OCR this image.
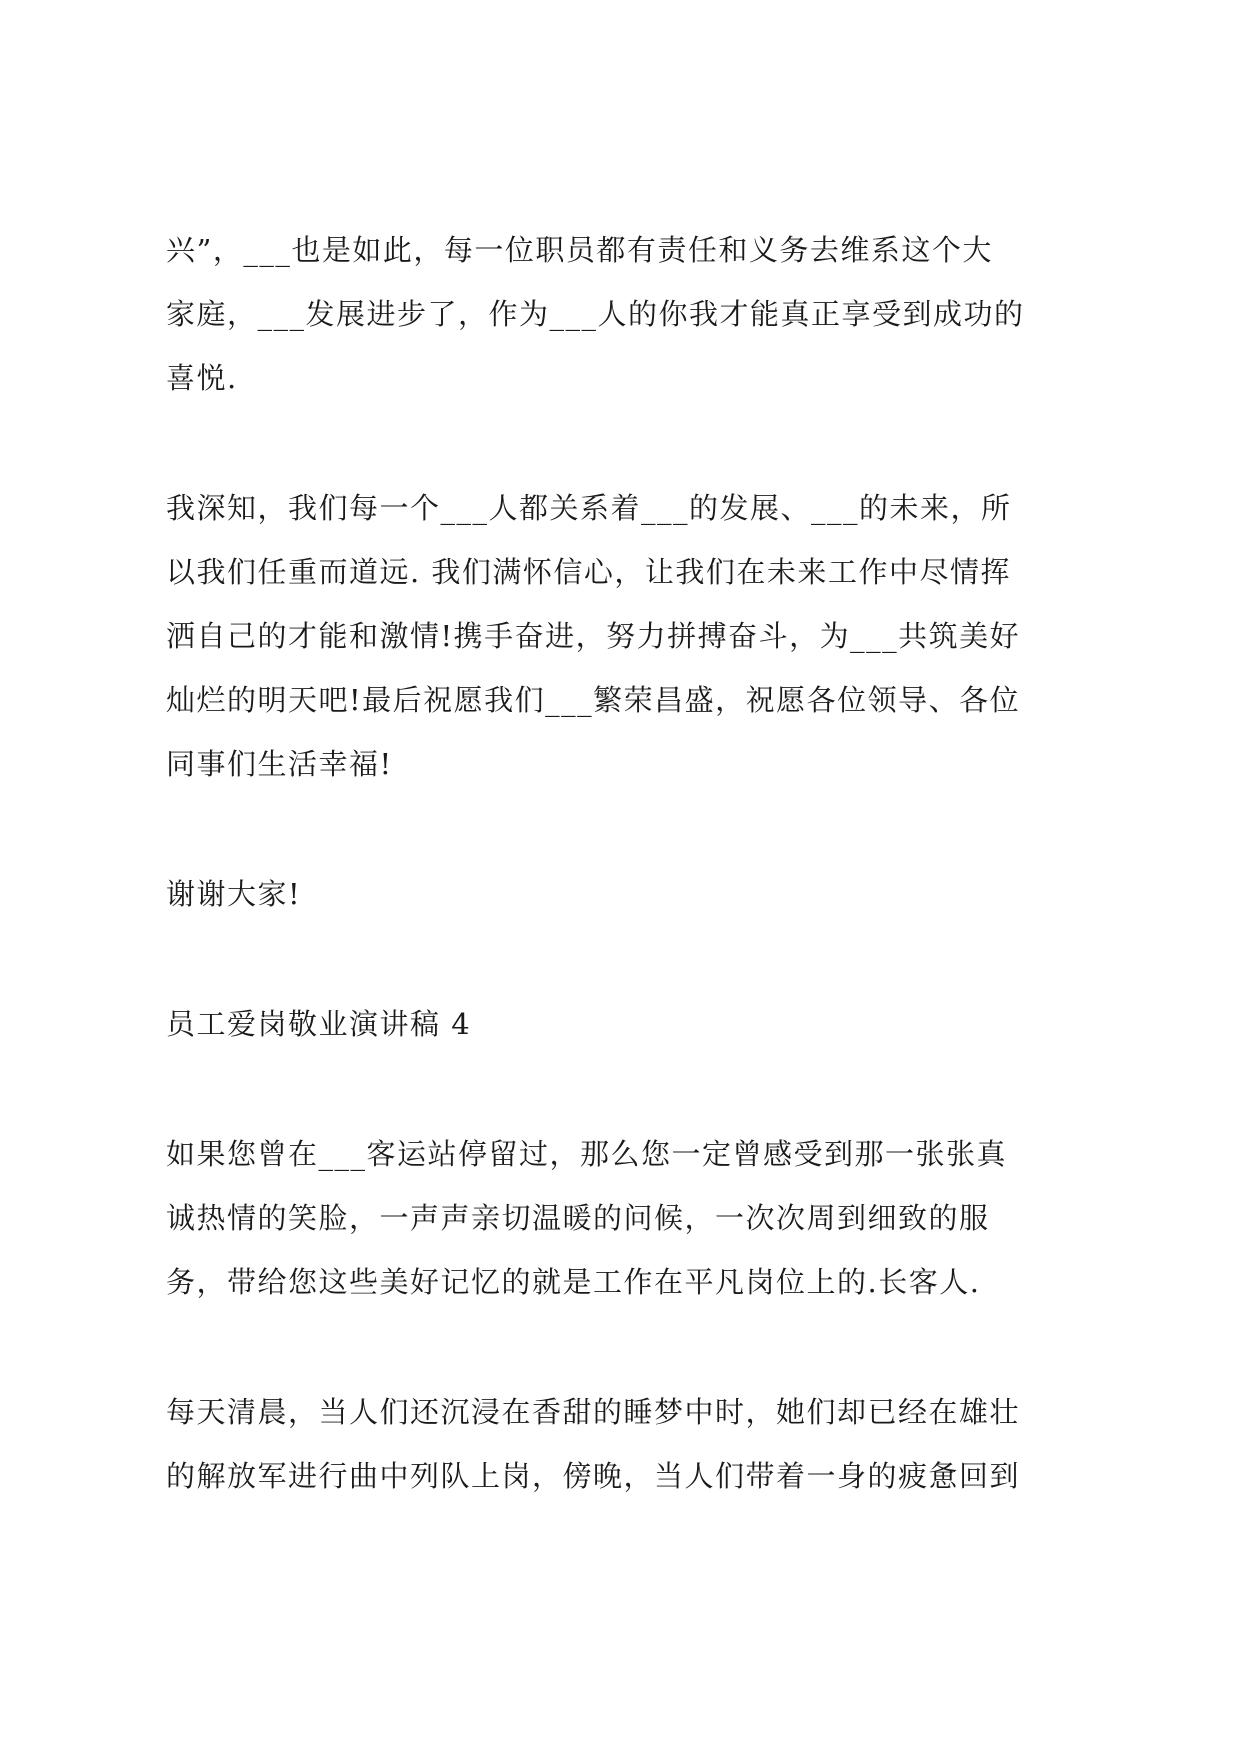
兴”，___也是如此，每一位职员都有责任和义务去维系这个大
家庭，___发展进步了，作为___人的你我才能真正享受到成功的
喜悦.
我深知，我们每一个___人都关系着___的发展、___的未来，所
以我们任重而道远. 我们满怀信心，让我们在未来工作中尽情挥
洒自己的才能和激情!携手奋进，努力拼搏奋斗，为___共筑美好
灿烂的明天吧!最后祝愿我们___繁荣昌盛，祝愿各位领导、各位
同事们生活幸福!
谢谢大家!
员工爱岗敬业演讲稿 4
如果您曾在___客运站停留过，那么您一定曾感受到那一张张真
诚热情的笑脸，一声声亲切温暖的问候，一次次周到细致的服
务，带给您这些美好记忆的就是工作在平凡岗位上的.长客人.
每天清晨，当人们还沉浸在香甜的睡梦中时，她们却已经在雄壮
的解放军进行曲中列队上岗，傍晚，当人们带着一身的疲惫回到
